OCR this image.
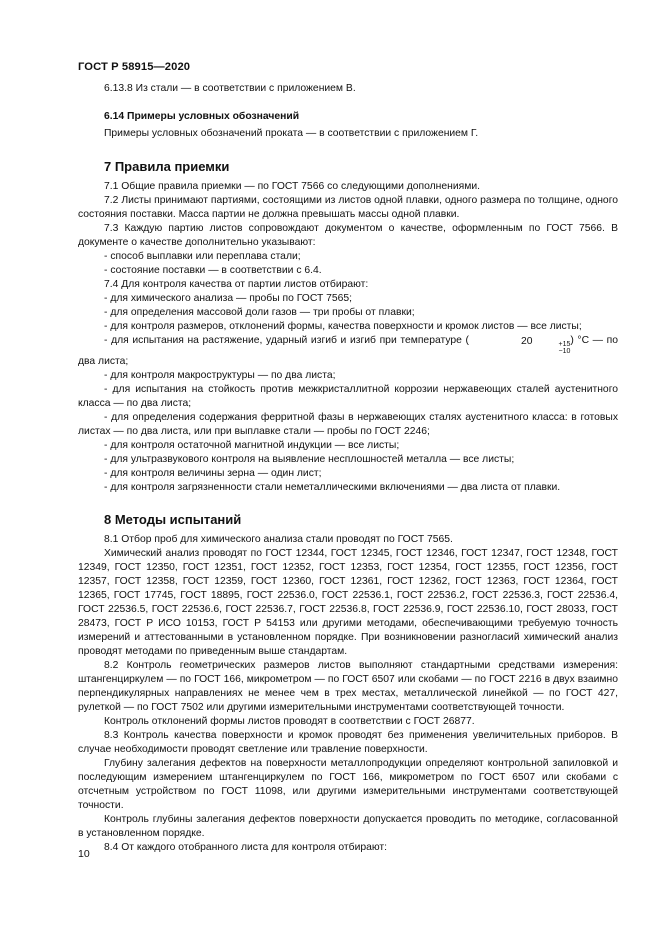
ГОСТ Р 58915—2020

6.13.8 Из стали — в соответствии с приложением В.

6.14 Примеры условных обозначений

Примеры условных обозначений проката — в соответствии с приложением Г.

7 Правила приемки

7.1 Общие правила приемки — по ГОСТ 7566 со следующими дополнениями.

7.2 Листы принимают партиями, состоящими из листов одной плавки, одного размера по толщине, одного состояния поставки. Масса партии не должна превышать массы одной плавки.

7.3 Каждую партию листов сопровождают документом о качестве, оформленным по ГОСТ 7566. В документе о качестве дополнительно указывают:

- способ выплавки или переплава стали;

- состояние поставки — в соответствии с 6.4.

7.4 Для контроля качества от партии листов отбирают:

- для химического анализа — пробы по ГОСТ 7565;

- для определения массовой доли газов — три пробы от плавки;

- для контроля размеров, отклонений формы, качества поверхности и кромок листов — все листы;

- для испытания на растяжение, ударный изгиб и изгиб при температуре (	20	+15
−10
) °С — по два листа;

- для контроля макроструктуры — по два листа;

- для испытания на стойкость против межкристаллитной коррозии нержавеющих сталей аустенитного класса — по два листа;

- для определения содержания ферритной фазы в нержавеющих сталях аустенитного класса: в готовых листах — по два листа, или при выплавке стали — пробы по ГОСТ 2246;

- для контроля остаточной магнитной индукции — все листы;

- для ультразвукового контроля на выявление несплошностей металла — все листы;

- для контроля величины зерна — один лист;

- для контроля загрязненности стали неметаллическими включениями — два листа от плавки.

8 Методы испытаний

8.1 Отбор проб для химического анализа стали проводят по ГОСТ 7565.

Химический анализ проводят по ГОСТ 12344, ГОСТ 12345, ГОСТ 12346, ГОСТ 12347, ГОСТ 12348, ГОСТ 12349, ГОСТ 12350, ГОСТ 12351, ГОСТ 12352, ГОСТ 12353, ГОСТ 12354, ГОСТ 12355, ГОСТ 12356, ГОСТ 12357, ГОСТ 12358, ГОСТ 12359, ГОСТ 12360, ГОСТ 12361, ГОСТ 12362, ГОСТ 12363, ГОСТ 12364, ГОСТ 12365, ГОСТ 17745, ГОСТ 18895, ГОСТ 22536.0, ГОСТ 22536.1, ГОСТ 22536.2, ГОСТ 22536.3, ГОСТ 22536.4, ГОСТ 22536.5, ГОСТ 22536.6, ГОСТ 22536.7, ГОСТ 22536.8, ГОСТ 22536.9, ГОСТ 22536.10, ГОСТ 28033, ГОСТ 28473, ГОСТ Р ИСО 10153, ГОСТ Р 54153 или другими методами, обеспечивающими требуемую точность измерений и аттестованными в установленном порядке. При возникновении разногласий химический анализ проводят методами по приведенным выше стандартам.

8.2 Контроль геометрических размеров листов выполняют стандартными средствами измерения: штангенциркулем — по ГОСТ 166, микрометром — по ГОСТ 6507 или скобами — по ГОСТ 2216 в двух взаимно перпендикулярных направлениях не менее чем в трех местах, металлической линейкой — по ГОСТ 427, рулеткой — по ГОСТ 7502 или другими измерительными инструментами соответствующей точности.

Контроль отклонений формы листов проводят в соответствии с ГОСТ 26877.

8.3 Контроль качества поверхности и кромок проводят без применения увеличительных приборов. В случае необходимости проводят светление или травление поверхности.

Глубину залегания дефектов на поверхности металлопродукции определяют контрольной запиловкой и последующим измерением штангенциркулем по ГОСТ 166, микрометром по ГОСТ 6507 или скобами с отсчетным устройством по ГОСТ 11098, или другими измерительными инструментами соответствующей точности.

Контроль глубины залегания дефектов поверхности допускается проводить по методике, согласованной в установленном порядке.

8.4 От каждого отобранного листа для контроля отбирают:

10
